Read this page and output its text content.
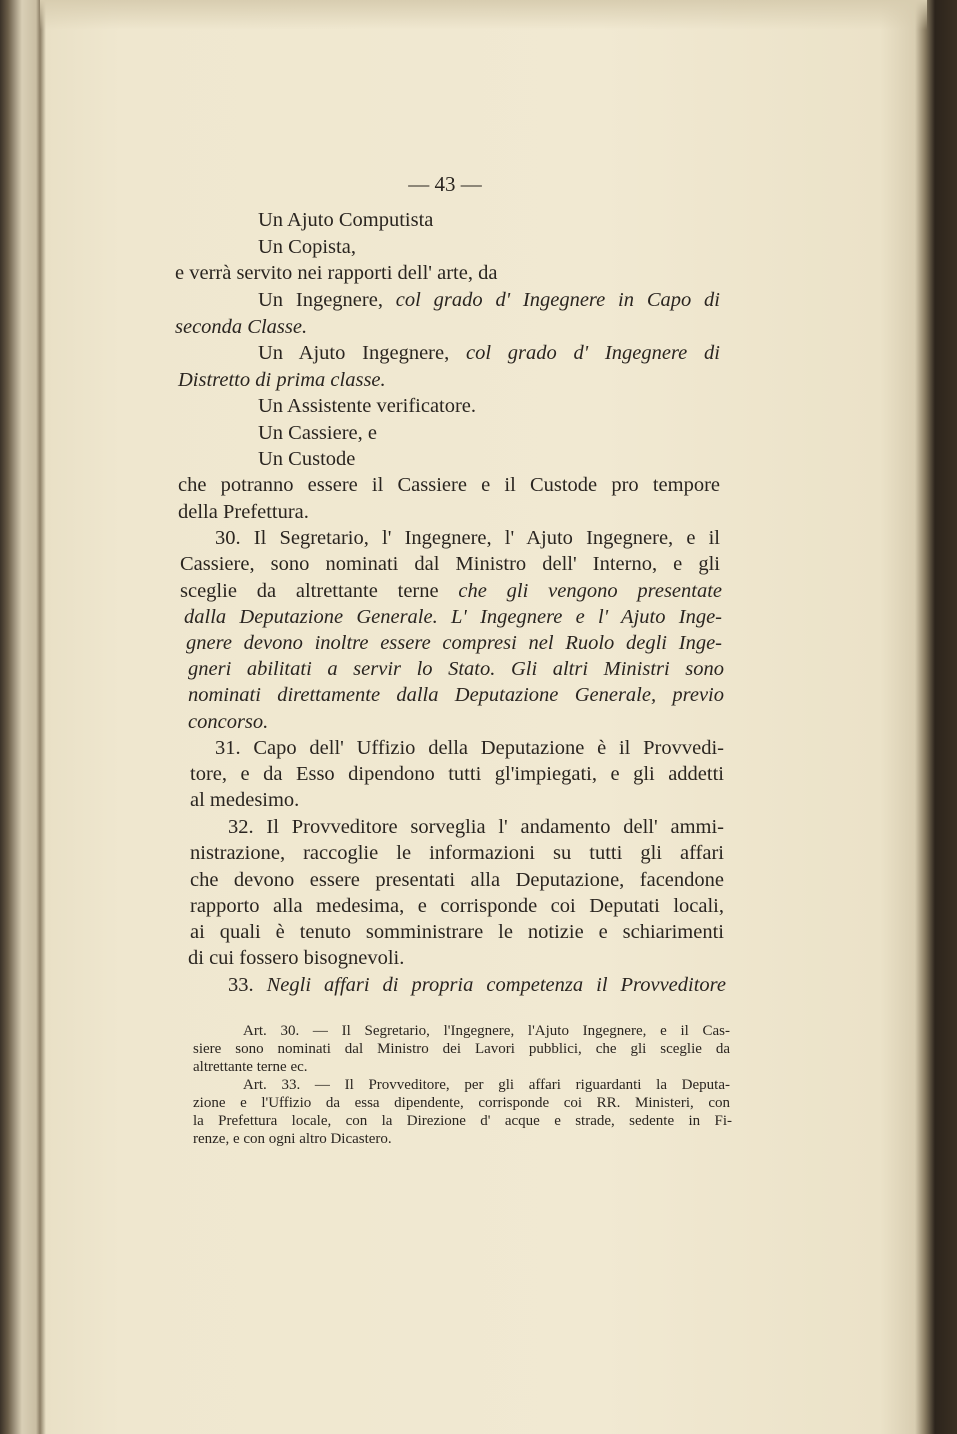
— 43 —
Un Ajuto Computista
Un Copista,
e verrà servito nei rapporti dell' arte, da
Un Ingegnere, col grado d' Ingegnere in Capo di
seconda Classe.
Un Ajuto Ingegnere, col grado d' Ingegnere di
Distretto di prima classe.
Un Assistente verificatore.
Un Cassiere, e
Un Custode
che potranno essere il Cassiere e il Custode pro tempore
della Prefettura.
30. Il Segretario, l' Ingegnere, l' Ajuto Ingegnere, e il
Cassiere, sono nominati dal Ministro dell' Interno, e gli
sceglie da altrettante terne che gli vengono presentate
dalla Deputazione Generale. L' Ingegnere e l' Ajuto Inge-
gnere devono inoltre essere compresi nel Ruolo degli Inge-
gneri abilitati a servir lo Stato. Gli altri Ministri sono
nominati direttamente dalla Deputazione Generale, previo
concorso.
31. Capo dell' Uffizio della Deputazione è il Provvedi-
tore, e da Esso dipendono tutti gl'impiegati, e gli addetti
al medesimo.
32. Il Provveditore sorveglia l' andamento dell' ammi-
nistrazione, raccoglie le informazioni su tutti gli affari
che devono essere presentati alla Deputazione, facendone
rapporto alla medesima, e corrisponde coi Deputati locali,
ai quali è tenuto somministrare le notizie e schiarimenti
di cui fossero bisognevoli.
33. Negli affari di propria competenza il Provveditore
Art. 30. — Il Segretario, l'Ingegnere, l'Ajuto Ingegnere, e il Cas-
siere sono nominati dal Ministro dei Lavori pubblici, che gli sceglie da
altrettante terne ec.
Art. 33. — Il Provveditore, per gli affari riguardanti la Deputa-
zione e l'Uffizio da essa dipendente, corrisponde coi RR. Ministeri, con
la Prefettura locale, con la Direzione d' acque e strade, sedente in Fi-
renze, e con ogni altro Dicastero.
